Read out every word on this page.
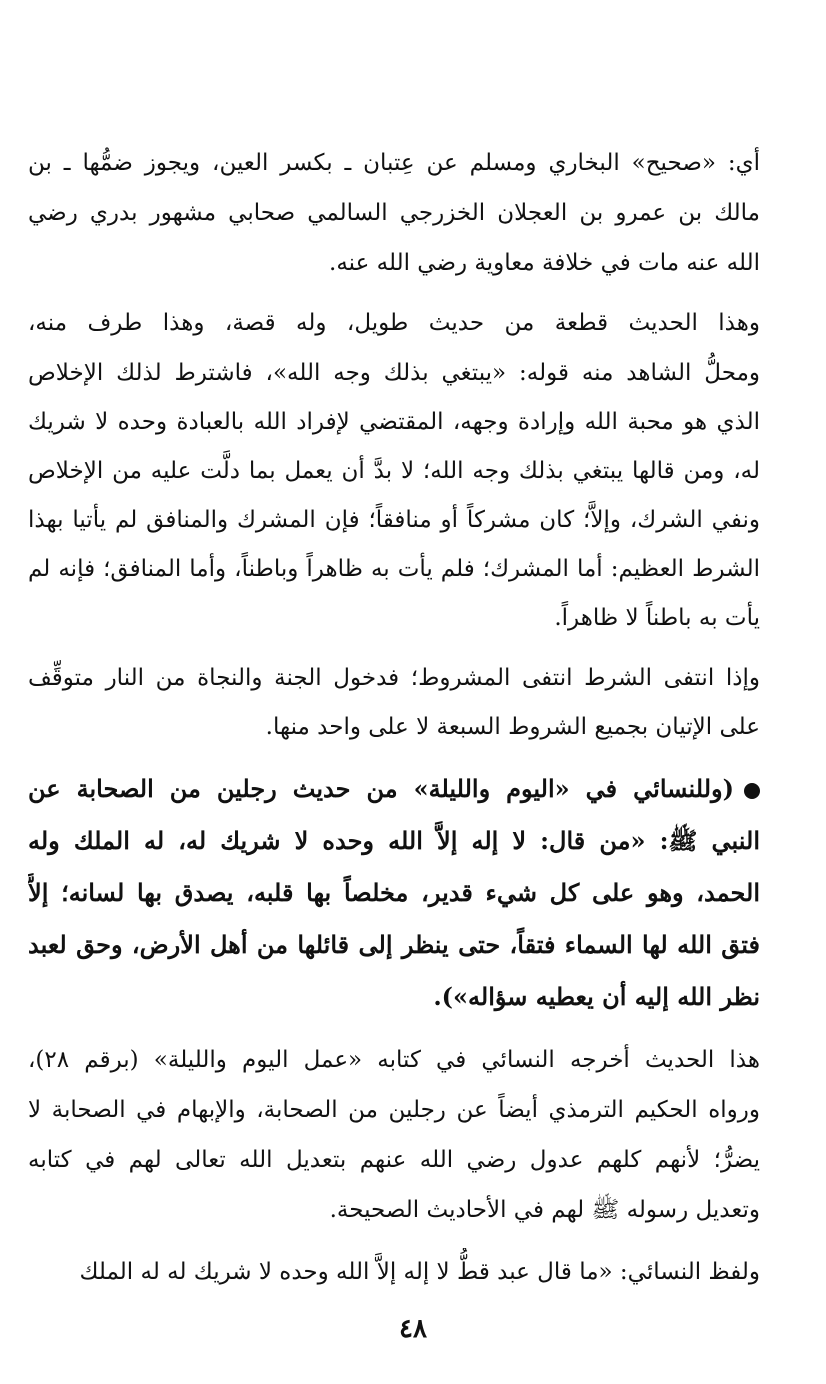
أي: «صحيح» البخاري ومسلم عن عِتبان ـ بكسر العين، ويجوز ضمُّها ـ بن
مالك بن عمرو بن العجلان الخزرجي السالمي صحابي مشهور بدري رضي
الله عنه مات في خلافة معاوية رضي الله عنه.
وهذا الحديث قطعة من حديث طويل، وله قصة، وهذا طرف منه،
ومحلُّ الشاهد منه قوله: «يبتغي بذلك وجه الله»، فاشترط لذلك الإخلاص
الذي هو محبة الله وإرادة وجهه، المقتضي لإفراد الله بالعبادة وحده لا شريك
له، ومن قالها يبتغي بذلك وجه الله؛ لا بدَّ أن يعمل بما دلَّت عليه من الإخلاص
ونفي الشرك، وإلاَّ؛ كان مشركاً أو منافقاً؛ فإن المشرك والمنافق لم يأتيا بهذا
الشرط العظيم: أما المشرك؛ فلم يأت به ظاهراً وباطناً، وأما المنافق؛ فإنه لم
يأت به باطناً لا ظاهراً.
وإذا انتفى الشرط انتفى المشروط؛ فدخول الجنة والنجاة من النار متوقِّف
على الإتيان بجميع الشروط السبعة لا على واحد منها.
(وللنسائي في «اليوم والليلة» من حديث رجلين من الصحابة عن
النبي ﷺ: «من قال: لا إله إلاَّ الله وحده لا شريك له، له الملك وله
الحمد، وهو على كل شيء قدير، مخلصاً بها قلبه، يصدق بها لسانه؛ إلاَّ
فتق الله لها السماء فتقاً، حتى ينظر إلى قائلها من أهل الأرض، وحق لعبد
نظر الله إليه أن يعطيه سؤاله»).
هذا الحديث أخرجه النسائي في كتابه «عمل اليوم والليلة» (برقم ٢٨)،
ورواه الحكيم الترمذي أيضاً عن رجلين من الصحابة، والإبهام في الصحابة لا
يضرُّ؛ لأنهم كلهم عدول رضي الله عنهم بتعديل الله تعالى لهم في كتابه
وتعديل رسوله ﷺ لهم في الأحاديث الصحيحة.
٤٨
ولفظ النسائي: «ما قال عبد قطُّ لا إله إلاَّ الله وحده لا شريك له له الملك
